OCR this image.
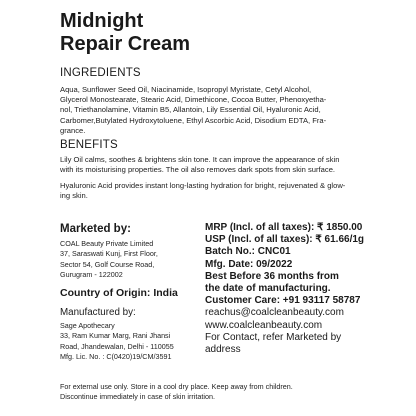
Midnight
Repair Cream
INGREDIENTS
Aqua, Sunflower Seed Oil, Niacinamide, Isopropyl Myristate, Cetyl Alcohol,
Glycerol Monostearate, Stearic Acid, Dimethicone, Cocoa Butter, Phenoxyetha-
nol, Triethanolamine, Vitamin B5, Allantoin, Lily Essential Oil, Hyaluronic Acid,
Carbomer,Butylated Hydroxytoluene, Ethyl Ascorbic Acid, Disodium EDTA, Fra-
grance.
BENEFITS
Lily Oil calms, soothes & brightens skin tone. It can improve the appearance of skin
with its moisturising properties. The oil also removes dark spots from skin surface.
Hyaluronic Acid provides instant long-lasting hydration for bright, rejuvenated & glow-
ing skin.
Marketed by:
COAL Beauty Private Limited
37, Saraswati Kunj, First Floor,
Sector 54, Golf Course Road,
Gurugram - 122002
Country of Origin: India
Manufactured by:
Sage Apothecary
33, Ram Kumar Marg, Rani Jhansi
Road, Jhandewalan, Delhi - 110055
Mfg. Lic. No. : C(0420)19/CM/3591
MRP (Incl. of all taxes): ₹ 1850.00
USP (Incl. of all taxes): ₹ 61.66/1g
Batch No.: CNC01
Mfg. Date: 09/2022
Best Before 36 months from
the date of manufacturing.
Customer Care: +91 93117 58787
reachus@coalcleanbeauty.com
www.coalcleanbeauty.com
For Contact, refer Marketed by
address
For external use only. Store in a cool dry place. Keep away from children.
Discontinue immediately in case of skin irritation.
